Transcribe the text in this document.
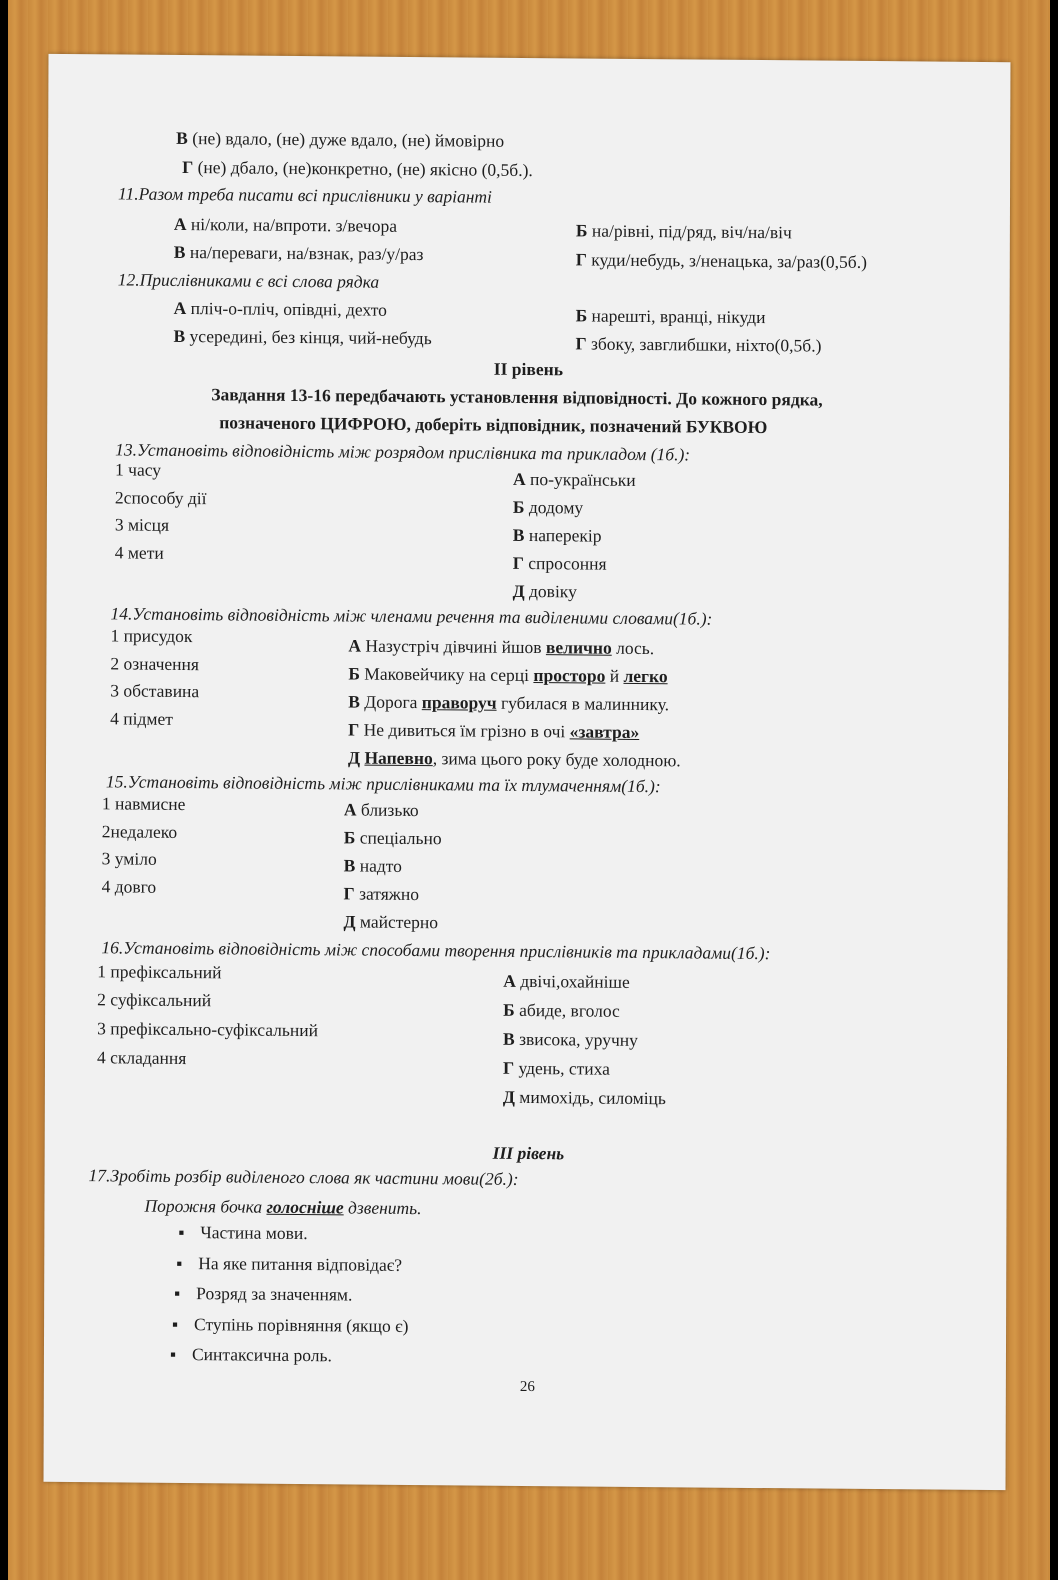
В (не) вдало, (не) дуже вдало, (не) ймовірно
Г (не) дбало, (не)конкретно, (не) якісно (0,5б.).
11.Разом треба писати всі прислівники у варіанті
А ні/коли, на/впроти. з/вечора	Б на/рівні, під/ряд, віч/на/віч
В на/переваги, на/взнак, раз/у/раз	Г куди/небудь, з/ненацька, за/раз(0,5б.)
12.Прислівниками є всі слова рядка
А пліч-о-пліч, опівдні, дехто	Б нарешті, вранці, нікуди
В усередині, без кінця, чий-небудь	Г збоку, завглибшки, ніхто(0,5б.)
ІІ рівень
Завдання 13-16 передбачають установлення відповідності. До кожного рядка,
позначеного ЦИФРОЮ, доберіть відповідник, позначений БУКВОЮ
13.Установіть відповідність між розрядом прислівника та прикладом (1б.):
1 часу
2способу дії
3 місця
4 мети
А по-українськи
Б додому
В наперекір
Г спросоння
Д довіку
14.Установіть відповідність між членами речення та виділеними словами(1б.):
1 присудок
2 означення
3 обставина
4 підмет
А Назустріч дівчині йшов велично лось.
Б Маковейчику на серці просторо й легко
В Дорога праворуч губилася в малиннику.
Г Не дивиться їм грізно в очі «завтра»
Д Напевно, зима цього року буде холодною.
15.Установіть відповідність між прислівниками та їх тлумаченням(1б.):
1 навмисне
2недалеко
3 уміло
4 довго
А близько
Б спеціально
В надто
Г затяжно
Д майстерно
16.Установіть відповідність між способами творення прислівників та прикладами(1б.):
1 префіксальний
2 суфіксальний
3 префіксально-суфіксальний
4 складання
А двічі,охайніше
Б абиде, вголос
В звисока, уручну
Г удень, стиха
Д мимохідь, силоміць
ІІІ рівень
17.Зробіть розбір виділеного слова як частини мови(2б.):
Порожня бочка голосніше дзвенить.
▪ Частина мови.
▪ На яке питання відповідає?
▪ Розряд за значенням.
▪ Ступінь порівняння (якщо є)
▪ Синтаксична роль.
26
